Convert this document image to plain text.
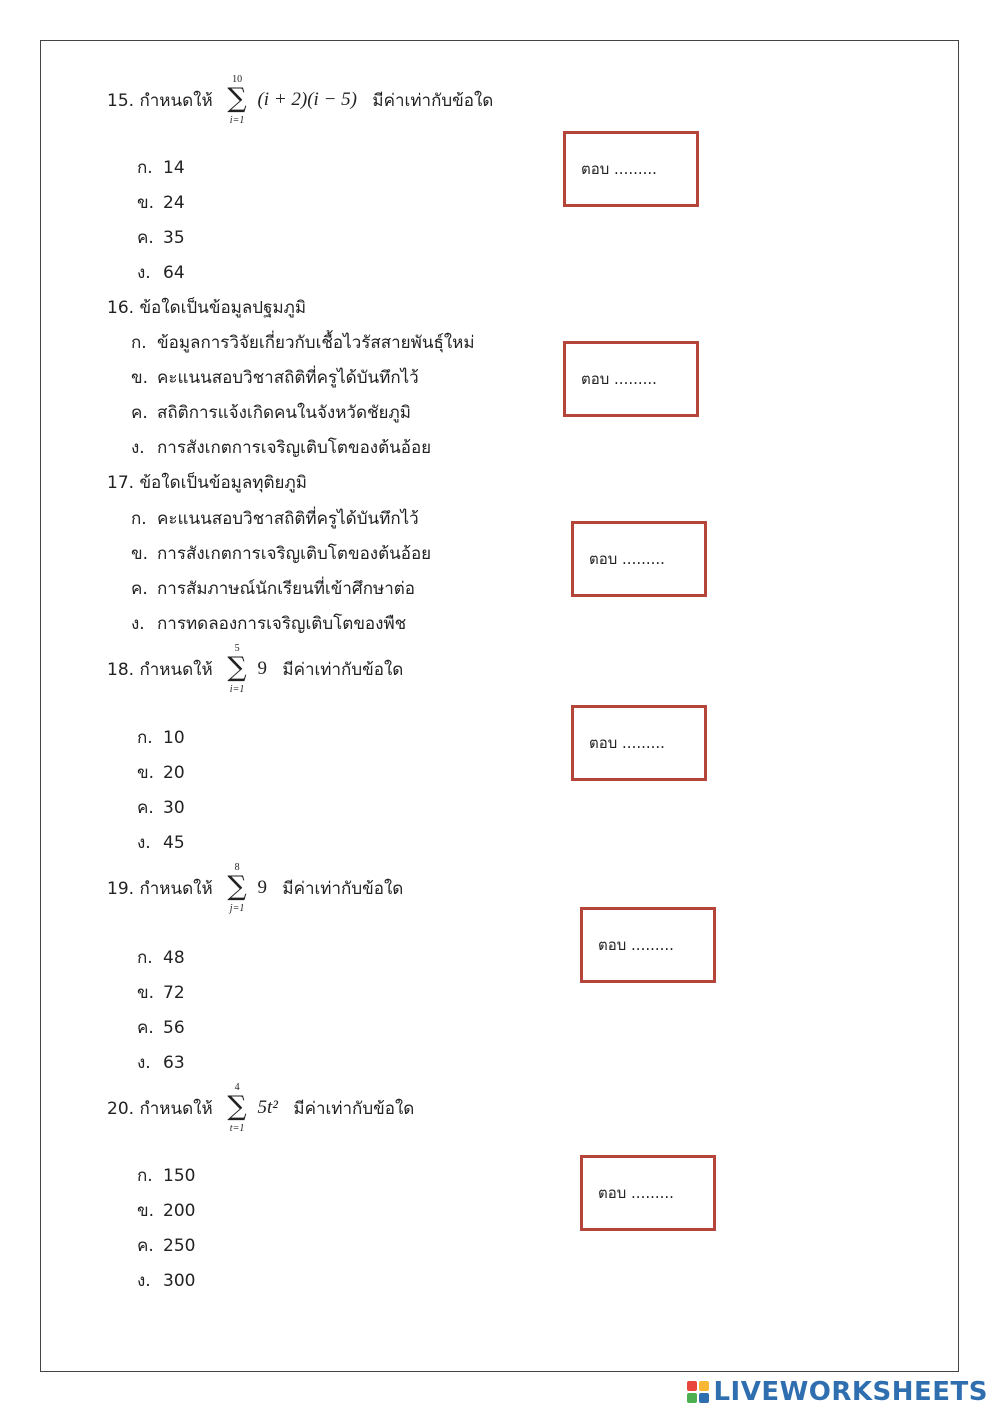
15. กำหนดให้
10
∑
i=1
(i + 2)(i − 5) มีค่าเท่ากับข้อใด
ก. 14
ข. 24
ค. 35
ง. 64
ตอบ .........
16. ข้อใดเป็นข้อมูลปฐมภูมิ
ก. ข้อมูลการวิจัยเกี่ยวกับเชื้อไวรัสสายพันธุ์ใหม่
ข. คะแนนสอบวิชาสถิติที่ครูได้บันทึกไว้
ค. สถิติการแจ้งเกิดคนในจังหวัดชัยภูมิ
ง. การสังเกตการเจริญเติบโตของต้นอ้อย
ตอบ .........
17. ข้อใดเป็นข้อมูลทุติยภูมิ
ก. คะแนนสอบวิชาสถิติที่ครูได้บันทึกไว้
ข. การสังเกตการเจริญเติบโตของต้นอ้อย
ค. การสัมภาษณ์นักเรียนที่เข้าศึกษาต่อ
ง. การทดลองการเจริญเติบโตของพืช
ตอบ .........
18. กำหนดให้
5
∑
i=1
9 มีค่าเท่ากับข้อใด
ก. 10
ข. 20
ค. 30
ง. 45
ตอบ .........
19. กำหนดให้
8
∑
j=1
9 มีค่าเท่ากับข้อใด
ก. 48
ข. 72
ค. 56
ง. 63
ตอบ .........
20. กำหนดให้
4
∑
t=1
5t² มีค่าเท่ากับข้อใด
ก. 150
ข. 200
ค. 250
ง. 300
ตอบ .........
LIVEWORKSHEETS
